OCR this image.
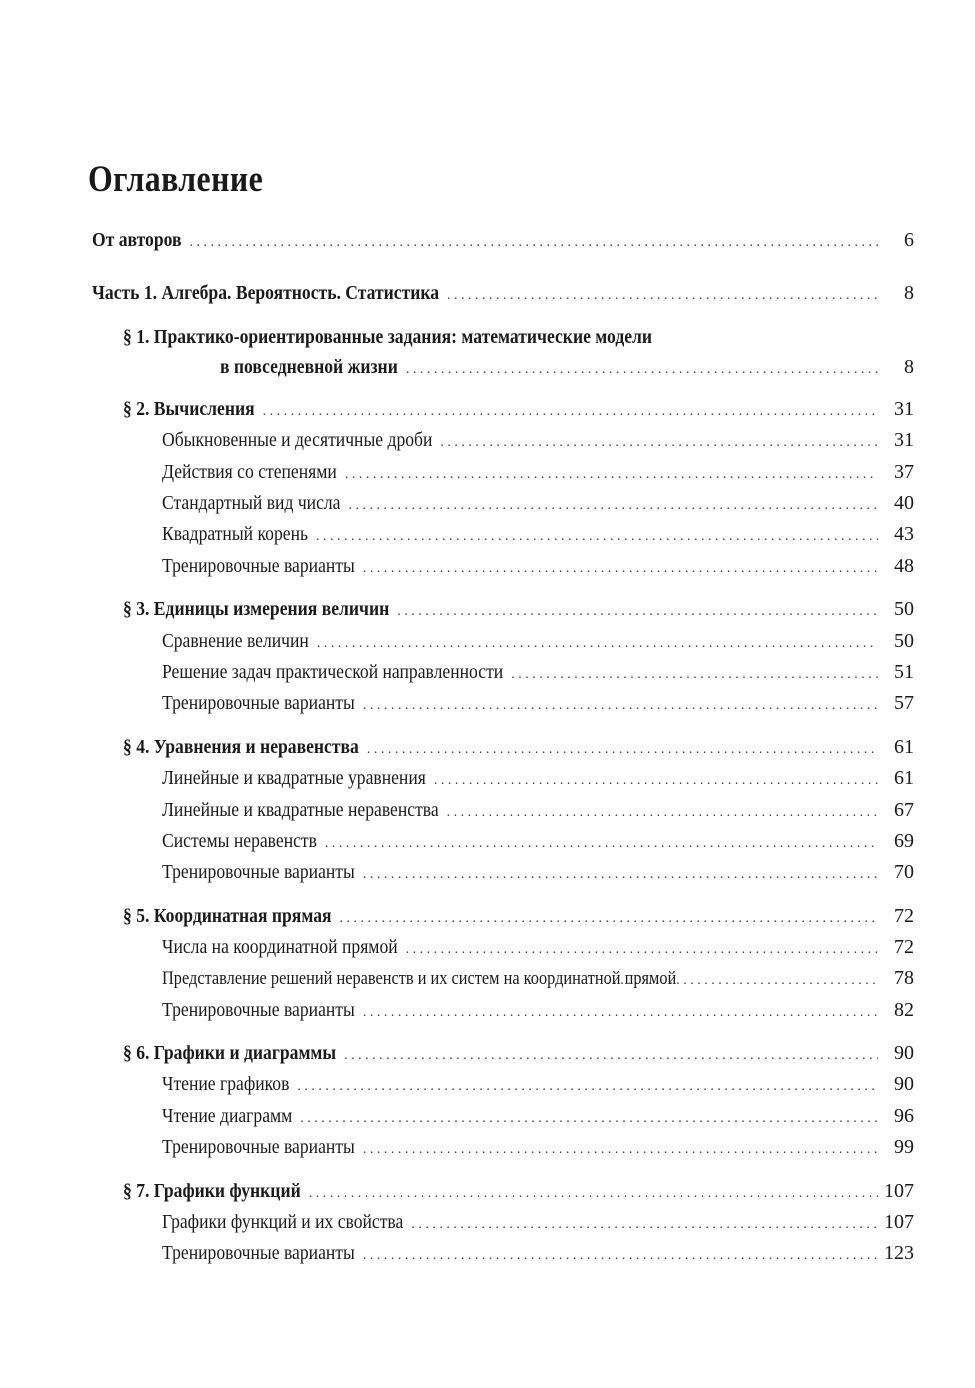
Оглавление
От авторов . . .	6
Часть 1. Алгебра. Вероятность. Статистика . . .	8
§ 1. Практико-ориентированные задания: математические модели
в повседневной жизни . . .	8
§ 2. Вычисления . . .	31
Обыкновенные и десятичные дроби . . .	31
Действия со степенями . . .	37
Стандартный вид числа . . .	40
Квадратный корень . . .	43
Тренировочные варианты . . .	48
§ 3. Единицы измерения величин . . .	50
Сравнение величин . . .	50
Решение задач практической направленности . . .	51
Тренировочные варианты . . .	57
§ 4. Уравнения и неравенства . . .	61
Линейные и квадратные уравнения . . .	61
Линейные и квадратные неравенства . . .	67
Системы неравенств . . .	69
Тренировочные варианты . . .	70
§ 5. Координатная прямая . . .	72
Числа на координатной прямой . . .	72
Представление решений неравенств и их систем на координатной прямой . . .	78
Тренировочные варианты . . .	82
§ 6. Графики и диаграммы . . .	90
Чтение графиков . . .	90
Чтение диаграмм . . .	96
Тренировочные варианты . . .	99
§ 7. Графики функций . . .	107
Графики функций и их свойства . . .	107
Тренировочные варианты . . .	123
